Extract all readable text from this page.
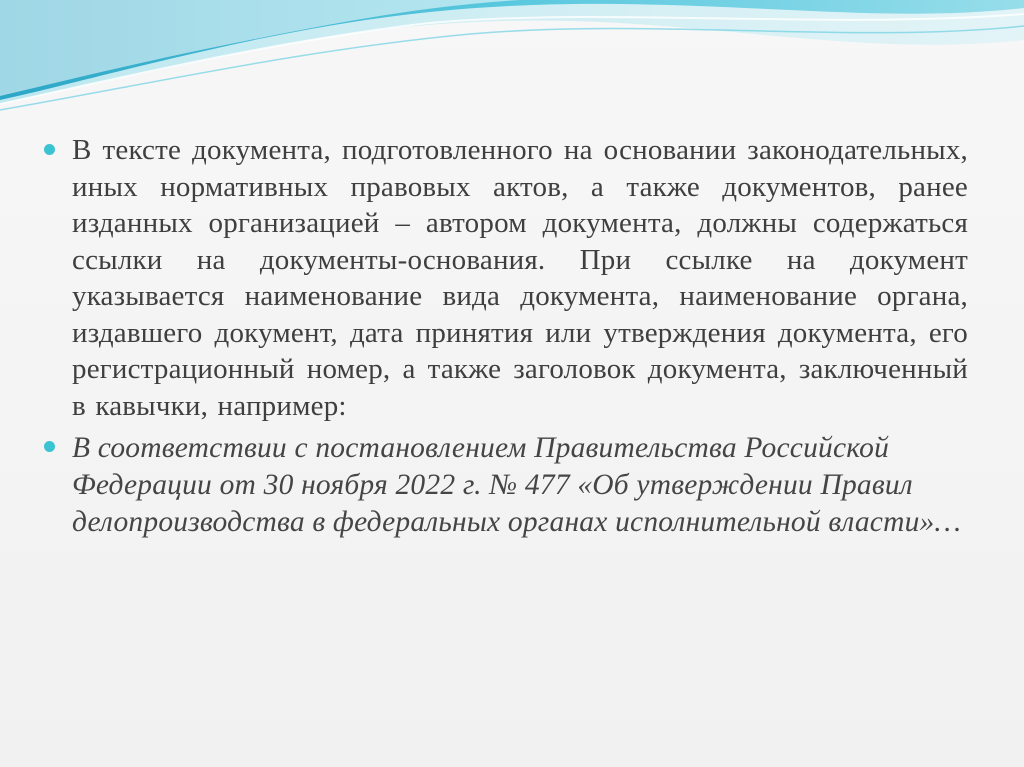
В тексте документа, подготовленного на основании законодательных, иных нормативных правовых актов, а также документов, ранее изданных организацией – автором документа, должны содержаться ссылки на документы-основания. При ссылке на документ указывается наименование вида документа, наименование органа, издавшего документ, дата принятия или утверждения документа, его регистрационный номер, а также заголовок документа, заключенный в кавычки, например:
В соответствии с постановлением Правительства Российской Федерации от 30 ноября 2022 г. № 477 «Об утверждении Правил делопроизводства в федеральных органах исполнительной власти»…
